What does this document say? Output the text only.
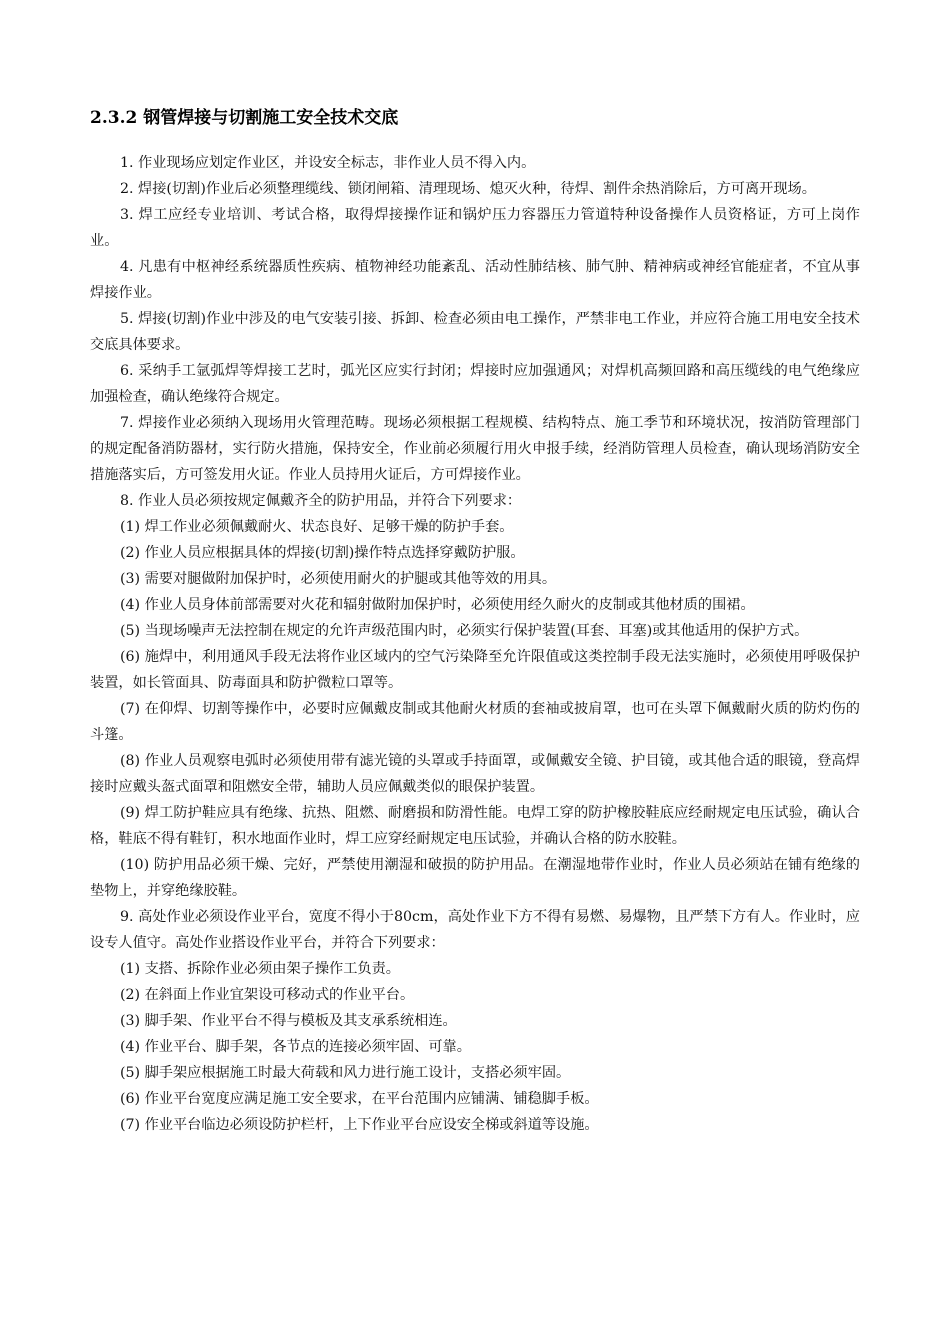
2.3.2 钢管焊接与切割施工安全技术交底

1. 作业现场应划定作业区，并设安全标志，非作业人员不得入内。

2. 焊接(切割)作业后必须整理缆线、锁闭闸箱、清理现场、熄灭火种，待焊、割件余热消除后，方可离开现场。

3. 焊工应经专业培训、考试合格，取得焊接操作证和锅炉压力容器压力管道特种设备操作人员资格证，方可上岗作业。

4. 凡患有中枢神经系统器质性疾病、植物神经功能紊乱、活动性肺结核、肺气肿、精神病或神经官能症者，不宜从事焊接作业。

5. 焊接(切割)作业中涉及的电气安装引接、拆卸、检查必须由电工操作，严禁非电工作业，并应符合施工用电安全技术交底具体要求。

6. 采纳手工氩弧焊等焊接工艺时，弧光区应实行封闭；焊接时应加强通风；对焊机高频回路和高压缆线的电气绝缘应加强检查，确认绝缘符合规定。

7. 焊接作业必须纳入现场用火管理范畴。现场必须根据工程规模、结构特点、施工季节和环境状况，按消防管理部门的规定配备消防器材，实行防火措施，保持安全，作业前必须履行用火申报手续，经消防管理人员检查，确认现场消防安全措施落实后，方可签发用火证。作业人员持用火证后，方可焊接作业。

8. 作业人员必须按规定佩戴齐全的防护用品，并符合下列要求：

(1) 焊工作业必须佩戴耐火、状态良好、足够干燥的防护手套。

(2) 作业人员应根据具体的焊接(切割)操作特点选择穿戴防护服。

(3) 需要对腿做附加保护时，必须使用耐火的护腿或其他等效的用具。

(4) 作业人员身体前部需要对火花和辐射做附加保护时，必须使用经久耐火的皮制或其他材质的围裙。

(5) 当现场噪声无法控制在规定的允许声级范围内时，必须实行保护装置(耳套、耳塞)或其他适用的保护方式。

(6) 施焊中，利用通风手段无法将作业区域内的空气污染降至允许限值或这类控制手段无法实施时，必须使用呼吸保护装置，如长管面具、防毒面具和防护微粒口罩等。

(7) 在仰焊、切割等操作中，必要时应佩戴皮制或其他耐火材质的套袖或披肩罩，也可在头罩下佩戴耐火质的防灼伤的斗篷。

(8) 作业人员观察电弧时必须使用带有滤光镜的头罩或手持面罩，或佩戴安全镜、护目镜，或其他合适的眼镜，登高焊接时应戴头盔式面罩和阻燃安全带，辅助人员应佩戴类似的眼保护装置。

(9) 焊工防护鞋应具有绝缘、抗热、阻燃、耐磨损和防滑性能。电焊工穿的防护橡胶鞋底应经耐规定电压试验，确认合格，鞋底不得有鞋钉，积水地面作业时，焊工应穿经耐规定电压试验，并确认合格的防水胶鞋。

(10) 防护用品必须干燥、完好，严禁使用潮湿和破损的防护用品。在潮湿地带作业时，作业人员必须站在铺有绝缘的垫物上，并穿绝缘胶鞋。

9. 高处作业必须设作业平台，宽度不得小于80cm，高处作业下方不得有易燃、易爆物，且严禁下方有人。作业时，应设专人值守。高处作业搭设作业平台，并符合下列要求：

(1) 支搭、拆除作业必须由架子操作工负责。

(2) 在斜面上作业宜架设可移动式的作业平台。

(3) 脚手架、作业平台不得与模板及其支承系统相连。

(4) 作业平台、脚手架，各节点的连接必须牢固、可靠。

(5) 脚手架应根据施工时最大荷载和风力进行施工设计，支搭必须牢固。

(6) 作业平台宽度应满足施工安全要求，在平台范围内应铺满、铺稳脚手板。

(7) 作业平台临边必须设防护栏杆，上下作业平台应设安全梯或斜道等设施。
